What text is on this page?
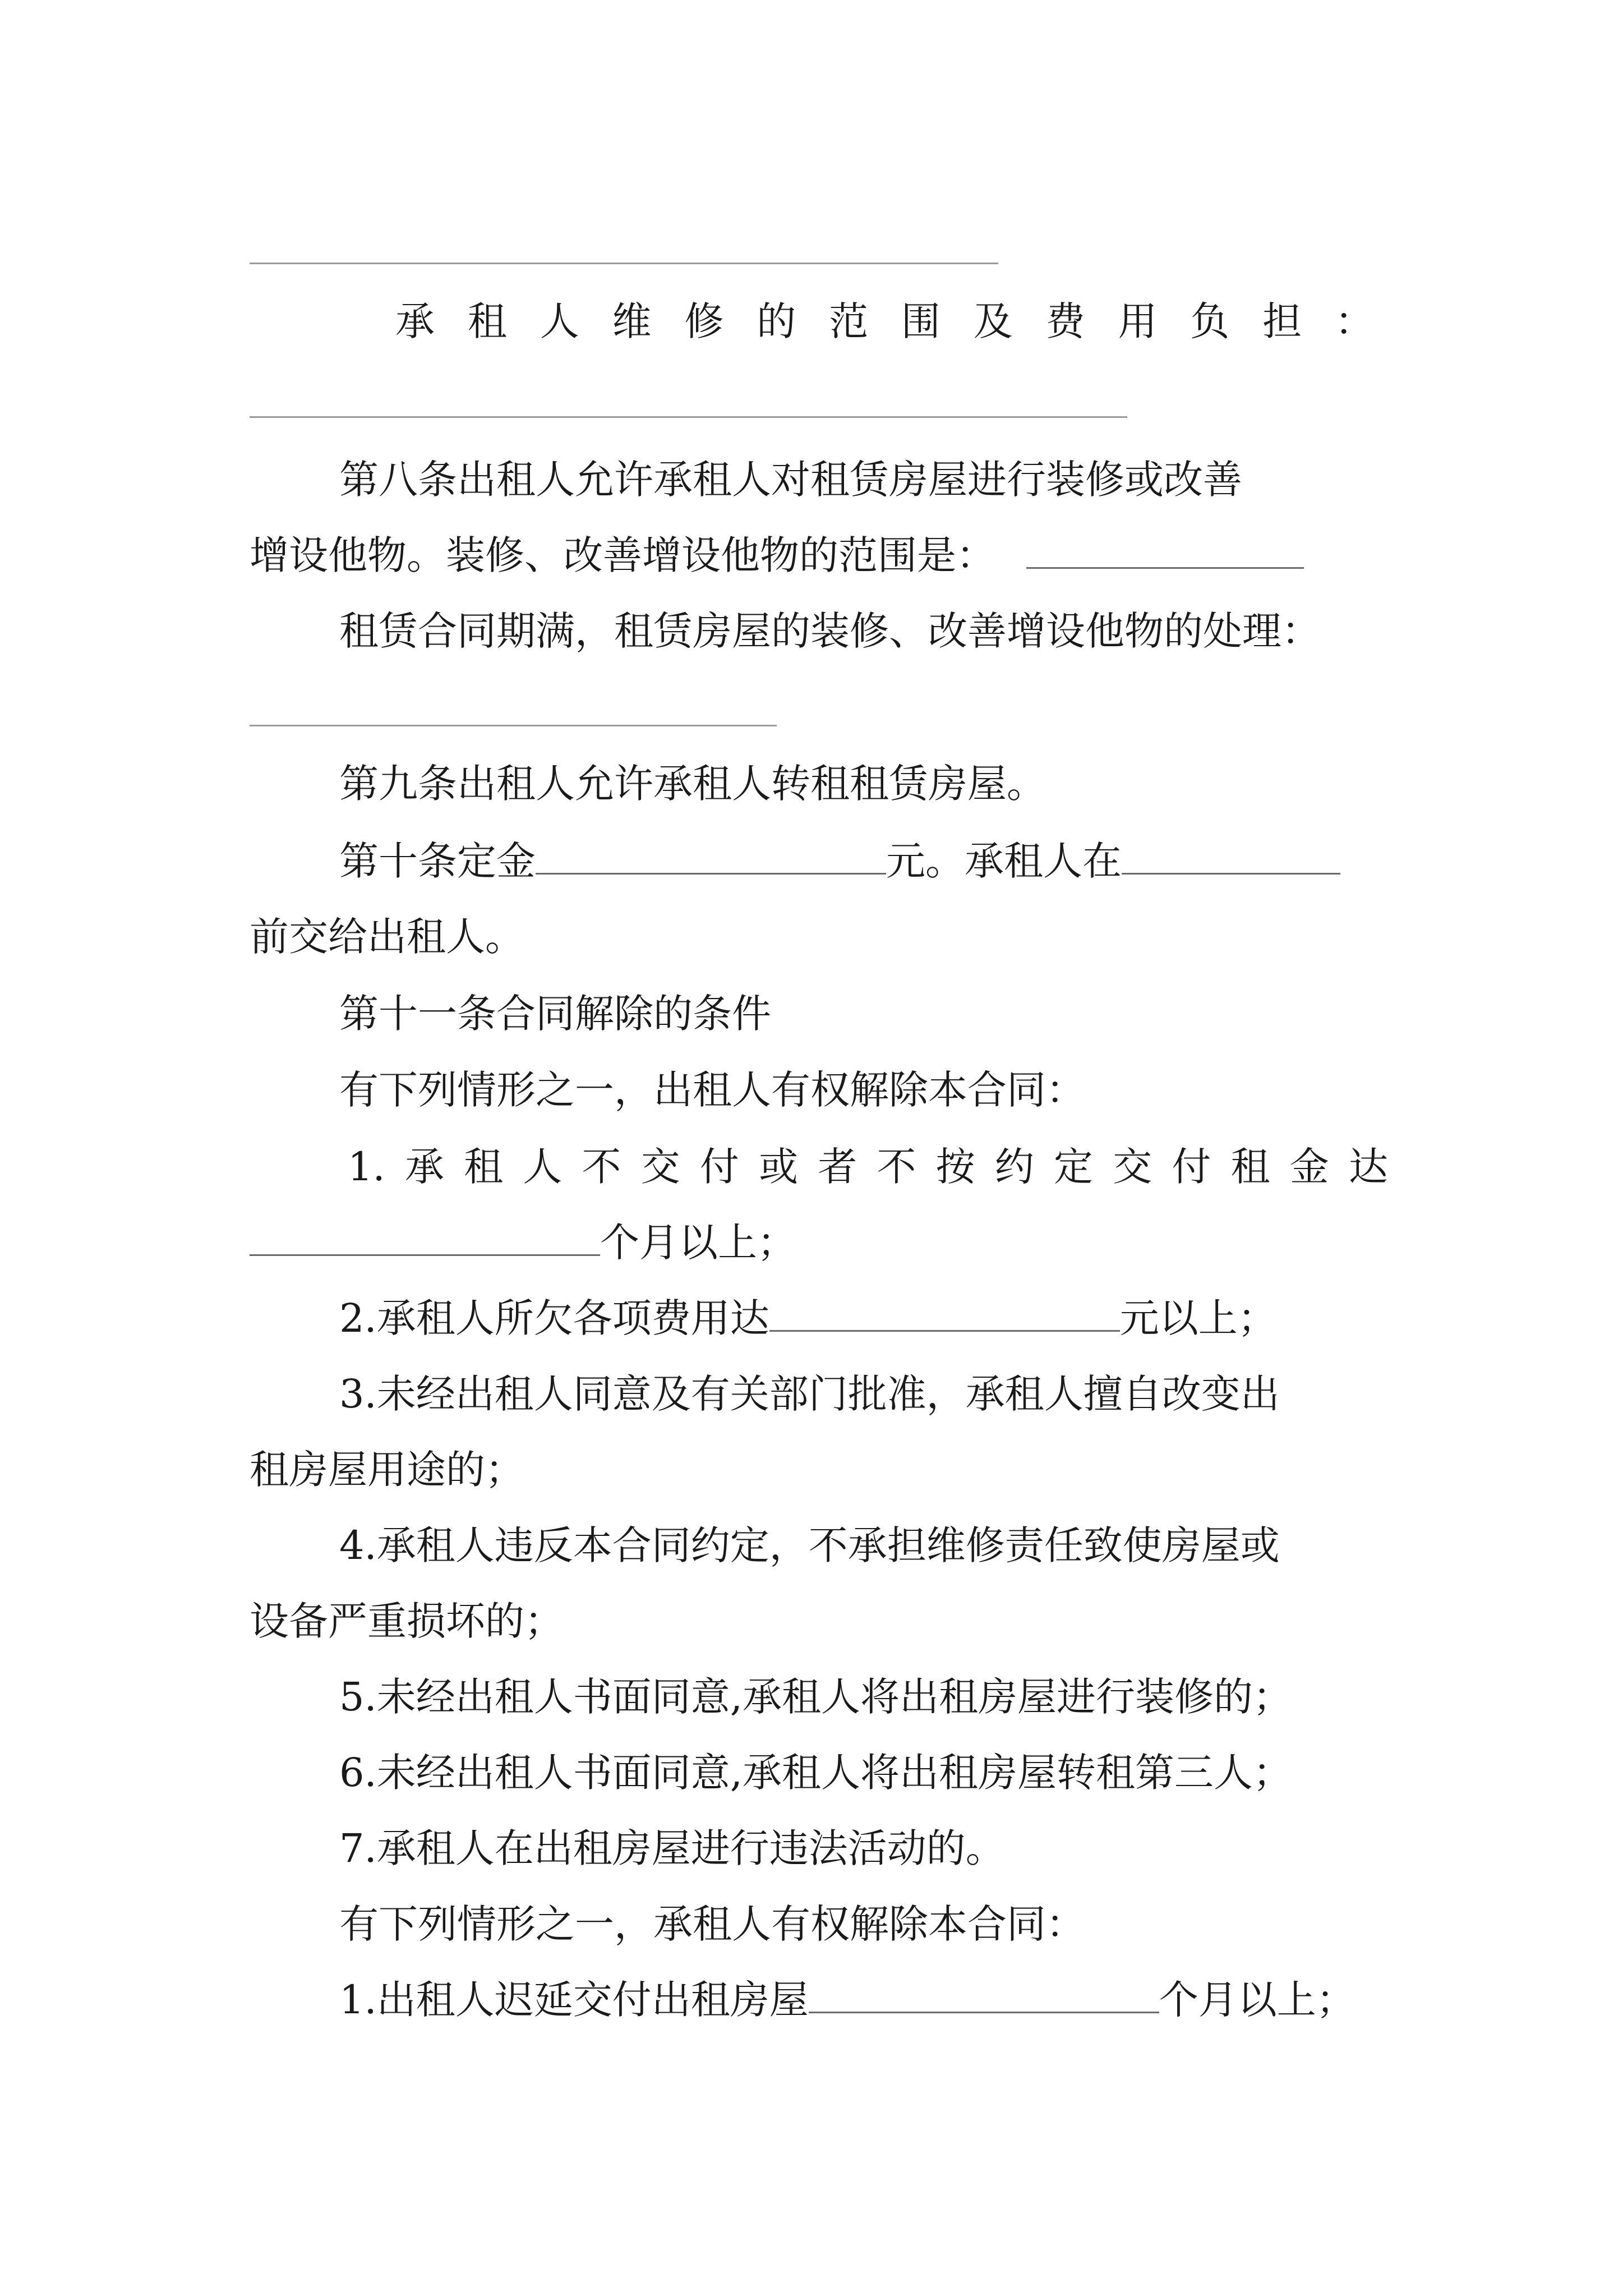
承 租 人 维 修 的 范 围 及 费 用 负 担 ：
第八条出租人允许承租人对租赁房屋进行装修或改善
增设他物。装修、改善增设他物的范围是：
租赁合同期满，租赁房屋的装修、改善增设他物的处理：
第九条出租人允许承租人转租租赁房屋。
第十条定金	元。承租人在
前交给出租人。
第十一条合同解除的条件
有下列情形之一，出租人有权解除本合同：
1. 承 租 人 不 交 付 或 者 不 按 约 定 交 付 租 金 达
个月以上；
2.承租人所欠各项费用达	元以上；
3.未经出租人同意及有关部门批准，承租人擅自改变出
租房屋用途的；
4.承租人违反本合同约定，不承担维修责任致使房屋或
设备严重损坏的；
5.未经出租人书面同意,承租人将出租房屋进行装修的；
6.未经出租人书面同意,承租人将出租房屋转租第三人；
7.承租人在出租房屋进行违法活动的。
有下列情形之一，承租人有权解除本合同：
1.出租人迟延交付出租房屋	个月以上；
